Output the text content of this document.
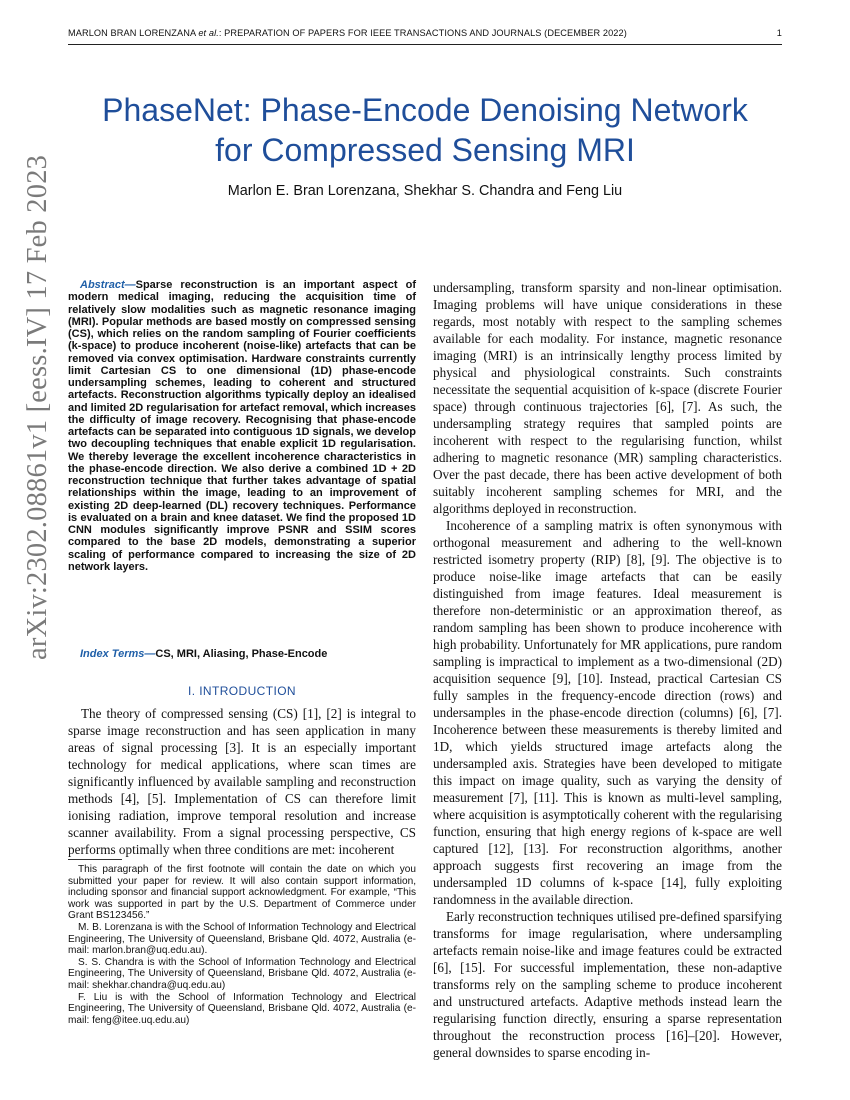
MARLON BRAN LORENZANA et al.: PREPARATION OF PAPERS FOR IEEE TRANSACTIONS AND JOURNALS (DECEMBER 2022)	1
arXiv:2302.08861v1 [eess.IV] 17 Feb 2023
PhaseNet: Phase-Encode Denoising Network
for Compressed Sensing MRI
Marlon E. Bran Lorenzana, Shekhar S. Chandra and Feng Liu

Abstract—Sparse reconstruction is an important aspect of modern medical imaging, reducing the acquisition time of relatively slow modalities such as magnetic resonance imaging (MRI). Popular methods are based mostly on compressed sensing (CS), which relies on the random sampling of Fourier coefficients (k-space) to produce incoherent (noise-like) artefacts that can be removed via convex optimisation. Hardware constraints currently limit Cartesian CS to one dimensional (1D) phase-encode undersampling schemes, leading to coherent and structured artefacts. Reconstruction algorithms typically deploy an idealised and limited 2D regularisation for artefact removal, which increases the difficulty of image recovery. Recognising that phase-encode artefacts can be separated into contiguous 1D signals, we develop two decoupling techniques that enable explicit 1D regularisation. We thereby leverage the excellent incoherence characteristics in the phase-encode direction. We also derive a combined 1D + 2D reconstruction technique that further takes advantage of spatial relationships within the image, leading to an improvement of existing 2D deep-learned (DL) recovery techniques. Performance is evaluated on a brain and knee dataset. We find the proposed 1D CNN modules significantly improve PSNR and SSIM scores compared to the base 2D models, demonstrating a superior scaling of performance compared to increasing the size of 2D network layers.

Index Terms—CS, MRI, Aliasing, Phase-Encode

I. INTRODUCTION

The theory of compressed sensing (CS) [1], [2] is integral to sparse image reconstruction and has seen application in many areas of signal processing [3]. It is an especially important technology for medical applications, where scan times are significantly influenced by available sampling and reconstruction methods [4], [5]. Implementation of CS can therefore limit ionising radiation, improve temporal resolution and increase scanner availability. From a signal processing perspective, CS performs optimally when three conditions are met: incoherent

This paragraph of the first footnote will contain the date on which you submitted your paper for review. It will also contain support information, including sponsor and financial support acknowledgment. For example, “This work was supported in part by the U.S. Department of Commerce under Grant BS123456.”

M. B. Lorenzana is with the School of Information Technology and Electrical Engineering, The University of Queensland, Brisbane Qld. 4072, Australia (e-mail: marlon.bran@uq.edu.au).

S. S. Chandra is with the School of Information Technology and Electrical Engineering, The University of Queensland, Brisbane Qld. 4072, Australia (e-mail: shekhar.chandra@uq.edu.au)

F. Liu is with the School of Information Technology and Electrical Engineering, The University of Queensland, Brisbane Qld. 4072, Australia (e-mail: feng@itee.uq.edu.au)

undersampling, transform sparsity and non-linear optimisation. Imaging problems will have unique considerations in these regards, most notably with respect to the sampling schemes available for each modality. For instance, magnetic resonance imaging (MRI) is an intrinsically lengthy process limited by physical and physiological constraints. Such constraints necessitate the sequential acquisition of k-space (discrete Fourier space) through continuous trajectories [6], [7]. As such, the undersampling strategy requires that sampled points are incoherent with respect to the regularising function, whilst adhering to magnetic resonance (MR) sampling characteristics. Over the past decade, there has been active development of both suitably incoherent sampling schemes for MRI, and the algorithms deployed in reconstruction.

Incoherence of a sampling matrix is often synonymous with orthogonal measurement and adhering to the well-known restricted isometry property (RIP) [8], [9]. The objective is to produce noise-like image artefacts that can be easily distinguished from image features. Ideal measurement is therefore non-deterministic or an approximation thereof, as random sampling has been shown to produce incoherence with high probability. Unfortunately for MR applications, pure random sampling is impractical to implement as a two-dimensional (2D) acquisition sequence [9], [10]. Instead, practical Cartesian CS fully samples in the frequency-encode direction (rows) and undersamples in the phase-encode direction (columns) [6], [7]. Incoherence between these measurements is thereby limited and 1D, which yields structured image artefacts along the undersampled axis. Strategies have been developed to mitigate this impact on image quality, such as varying the density of measurement [7], [11]. This is known as multi-level sampling, where acquisition is asymptotically coherent with the regularising function, ensuring that high energy regions of k-space are well captured [12], [13]. For reconstruction algorithms, another approach suggests first recovering an image from the undersampled 1D columns of k-space [14], fully exploiting randomness in the available direction.

Early reconstruction techniques utilised pre-defined sparsifying transforms for image regularisation, where undersampling artefacts remain noise-like and image features could be extracted [6], [15]. For successful implementation, these non-adaptive transforms rely on the sampling scheme to produce incoherent and unstructured artefacts. Adaptive methods instead learn the regularising function directly, ensuring a sparse representation throughout the reconstruction process [16]–[20]. However, general downsides to sparse encoding in-
